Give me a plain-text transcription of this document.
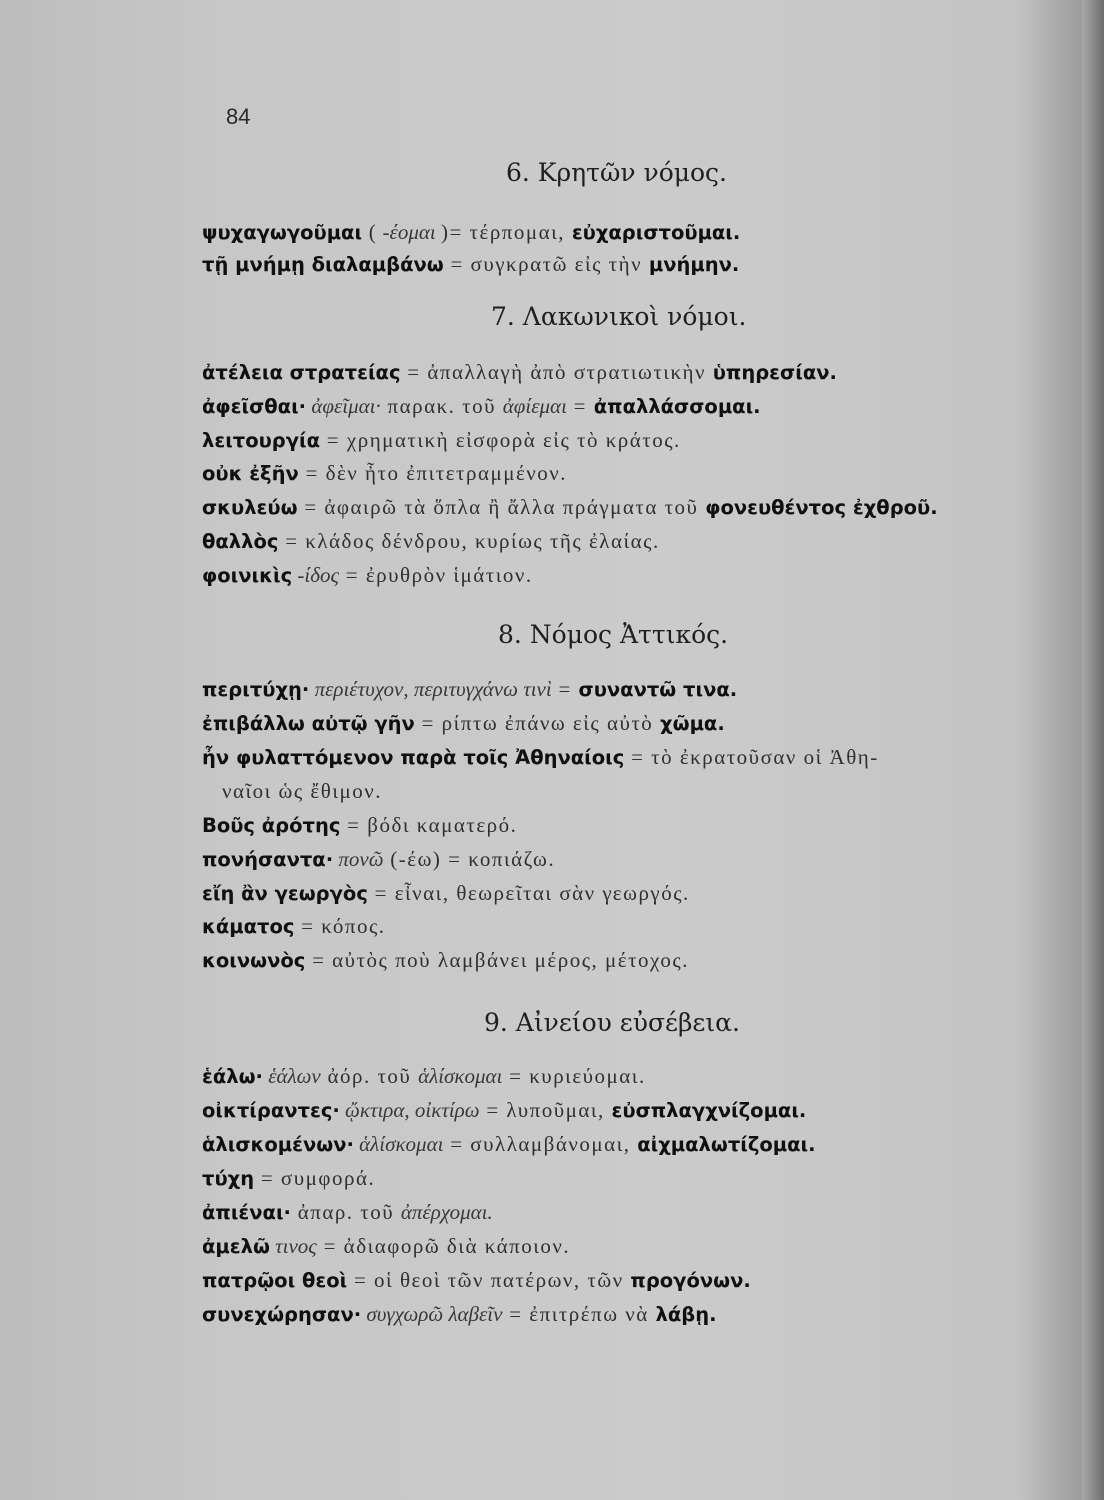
84
6. Κρητῶν νόμος.
ψυχαγωγοῦμαι ( -έομαι )= τέρπομαι, εὐχαριστοῦμαι.
τῇ μνήμῃ διαλαμβάνω = συγκρατῶ εἰς τὴν μνήμην.
7. Λακωνικοὶ νόμοι.
ἀτέλεια στρατείας = ἀπαλλαγὴ ἀπὸ στρατιωτικὴν ὑπηρεσίαν.
ἀφεῖσθαι· ἀφεῖμαι· παρακ. τοῦ ἀφίεμαι = ἀπαλλάσσομαι.
λειτουργία = χρηματικὴ εἰσφορὰ εἰς τὸ κράτος.
οὐκ ἐξῆν = δὲν ἦτο ἐπιτετραμμένον.
σκυλεύω = ἀφαιρῶ τὰ ὅπλα ἢ ἄλλα πράγματα τοῦ φονευθέντος ἐχθροῦ.
θαλλὸς = κλάδος δένδρου, κυρίως τῆς ἐλαίας.
φοινικὶς -ίδος = ἐρυθρὸν ἱμάτιον.
8. Νόμος Ἀττικός.
περιτύχῃ· περιέτυχον, περιτυγχάνω τινὶ = συναντῶ τινα.
ἐπιβάλλω αὐτῷ γῆν = ρίπτω ἐπάνω εἰς αὐτὸ χῶμα.
ἦν φυλαττόμενον παρὰ τοῖς Ἀθηναίοις = τὸ ἐκρατοῦσαν οἱ Ἀθη-
ναῖοι ὡς ἔθιμον.
Βοῦς ἀρότης = βόδι καματερό.
πονήσαντα· πονῶ (-έω) = κοπιάζω.
εἴη ἂν γεωργὸς = εἶναι, θεωρεῖται σὰν γεωργός.
κάματος = κόπος.
κοινωνὸς = αὐτὸς ποὺ λαμβάνει μέρος, μέτοχος.
9. Αἰνείου εὐσέβεια.
ἑάλω· ἑάλων ἀόρ. τοῦ ἁλίσκομαι = κυριεύομαι.
οἰκτίραντες· ᾤκτιρα, οἰκτίρω = λυποῦμαι, εὐσπλαγχνίζομαι.
ἁλισκομένων· ἁλίσκομαι = συλλαμβάνομαι, αἰχμαλωτίζομαι.
τύχη = συμφορά.
ἀπιέναι· ἀπαρ. τοῦ ἀπέρχομαι.
ἀμελῶ τινος = ἀδιαφορῶ διὰ κάποιον.
πατρῷοι θεοὶ = οἱ θεοὶ τῶν πατέρων, τῶν προγόνων.
συνεχώρησαν· συγχωρῶ λαβεῖν = ἐπιτρέπω νὰ λάβῃ.
